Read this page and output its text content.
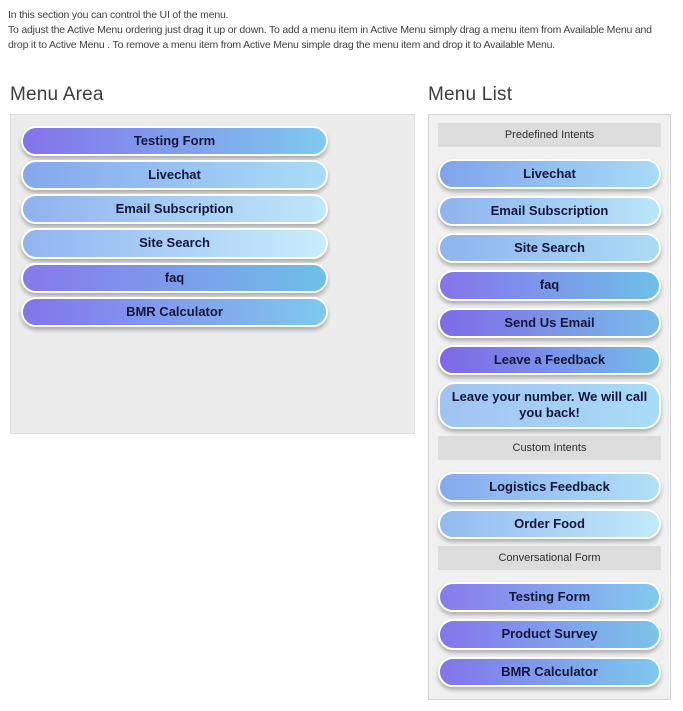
In this section you can control the UI of the menu.
To adjust the Active Menu ordering just drag it up or down. To add a menu item in Active Menu simply drag a menu item from Available Menu and
drop it to Active Menu . To remove a menu item from Active Menu simple drag the menu item and drop it to Available Menu.
Menu Area
Testing Form
Livechat
Email Subscription
Site Search
faq
BMR Calculator
Menu List
Predefined Intents
Livechat
Email Subscription
Site Search
faq
Send Us Email
Leave a Feedback
Leave your number. We will call you back!
Custom Intents
Logistics Feedback
Order Food
Conversational Form
Testing Form
Product Survey
BMR Calculator
